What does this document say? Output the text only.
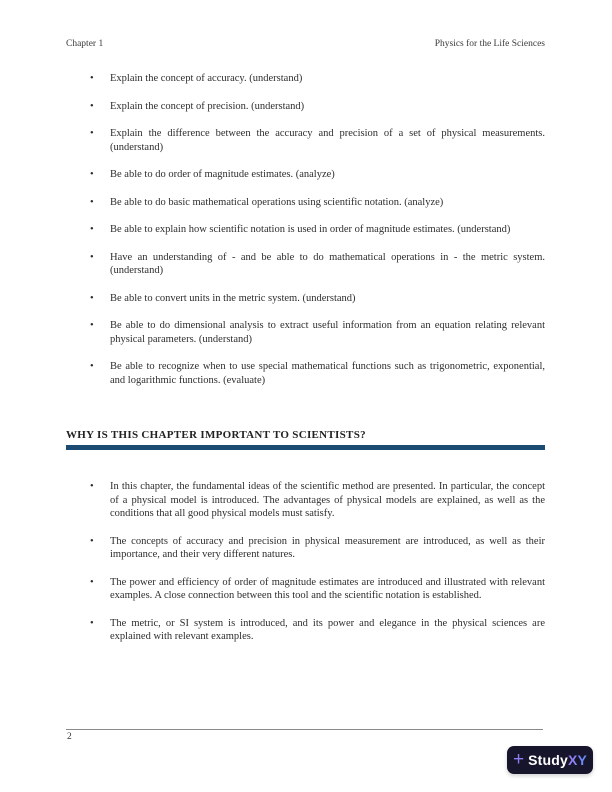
Chapter 1	Physics for the Life Sciences
•	Explain the concept of accuracy. (understand)
•	Explain the concept of precision. (understand)
•	Explain the difference between the accuracy and precision of a set of physical measurements. (understand)
•	Be able to do order of magnitude estimates. (analyze)
•	Be able to do basic mathematical operations using scientific notation. (analyze)
•	Be able to explain how scientific notation is used in order of magnitude estimates. (understand)
•	Have an understanding of - and be able to do mathematical operations in - the metric system. (understand)
•	Be able to convert units in the metric system. (understand)
•	Be able to do dimensional analysis to extract useful information from an equation relating relevant physical parameters. (understand)
•	Be able to recognize when to use special mathematical functions such as trigonometric, exponential, and logarithmic functions. (evaluate)
WHY IS THIS CHAPTER IMPORTANT TO SCIENTISTS?
•	In this chapter, the fundamental ideas of the scientific method are presented. In particular, the concept of a physical model is introduced. The advantages of physical models are explained, as well as the conditions that all good physical models must satisfy.
•	The concepts of accuracy and precision in physical measurement are introduced, as well as their importance, and their very different natures.
•	The power and efficiency of order of magnitude estimates are introduced and illustrated with relevant examples. A close connection between this tool and the scientific notation is established.
•	The metric, or SI system is introduced, and its power and elegance in the physical sciences are explained with relevant examples.
2
+ Study XY
